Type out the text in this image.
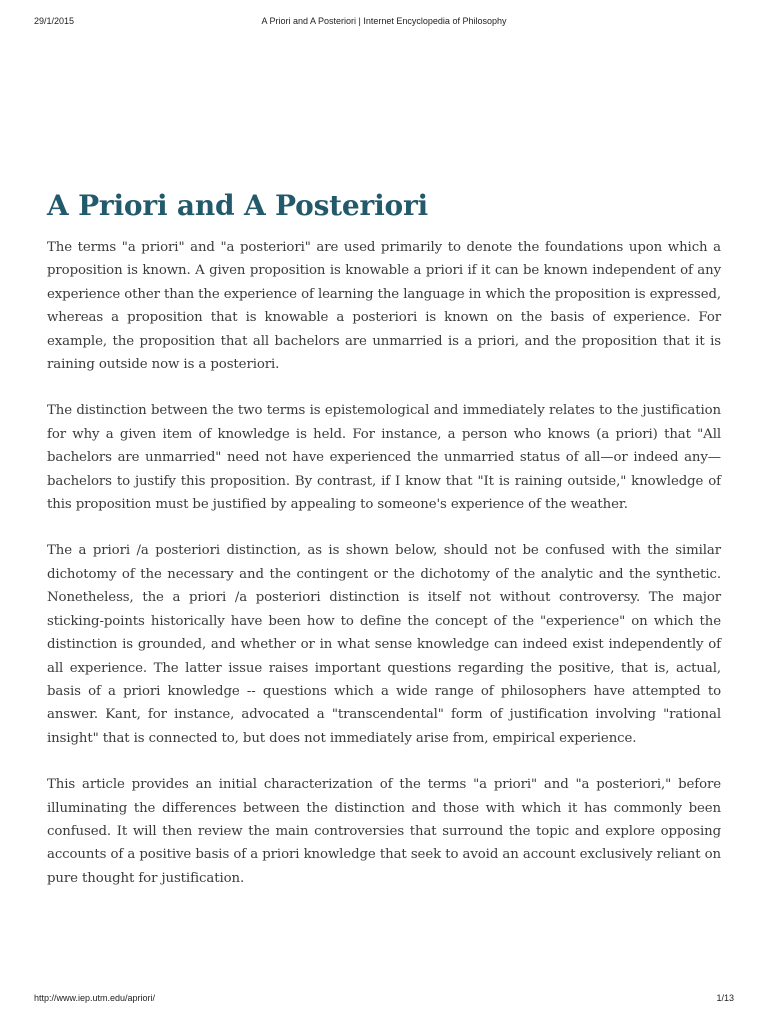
29/1/2015	A Priori and A Posteriori | Internet Encyclopedia of Philosophy
A Priori and A Posteriori

The terms "a priori" and "a posteriori" are used primarily to denote the foundations upon which a proposition is known. A given proposition is knowable a priori if it can be known independent of any experience other than the experience of learning the language in which the proposition is expressed, whereas a proposition that is knowable a posteriori is known on the basis of experience. For example, the proposition that all bachelors are unmarried is a priori, and the proposition that it is raining outside now is a posteriori.

The distinction between the two terms is epistemological and immediately relates to the justification for why a given item of knowledge is held. For instance, a person who knows (a priori) that "All bachelors are unmarried" need not have experienced the unmarried status of all—or indeed any—bachelors to justify this proposition. By contrast, if I know that "It is raining outside," knowledge of this proposition must be justified by appealing to someone's experience of the weather.

The a priori /a posteriori distinction, as is shown below, should not be confused with the similar dichotomy of the necessary and the contingent or the dichotomy of the analytic and the synthetic. Nonetheless, the a priori /a posteriori distinction is itself not without controversy. The major sticking-points historically have been how to define the concept of the "experience" on which the distinction is grounded, and whether or in what sense knowledge can indeed exist independently of all experience. The latter issue raises important questions regarding the positive, that is, actual, basis of a priori knowledge -- questions which a wide range of philosophers have attempted to answer. Kant, for instance, advocated a "transcendental" form of justification involving "rational insight" that is connected to, but does not immediately arise from, empirical experience.

This article provides an initial characterization of the terms "a priori" and "a posteriori," before illuminating the differences between the distinction and those with which it has commonly been confused. It will then review the main controversies that surround the topic and explore opposing accounts of a positive basis of a priori knowledge that seek to avoid an account exclusively reliant on pure thought for justification.

http://www.iep.utm.edu/apriori/	1/13
